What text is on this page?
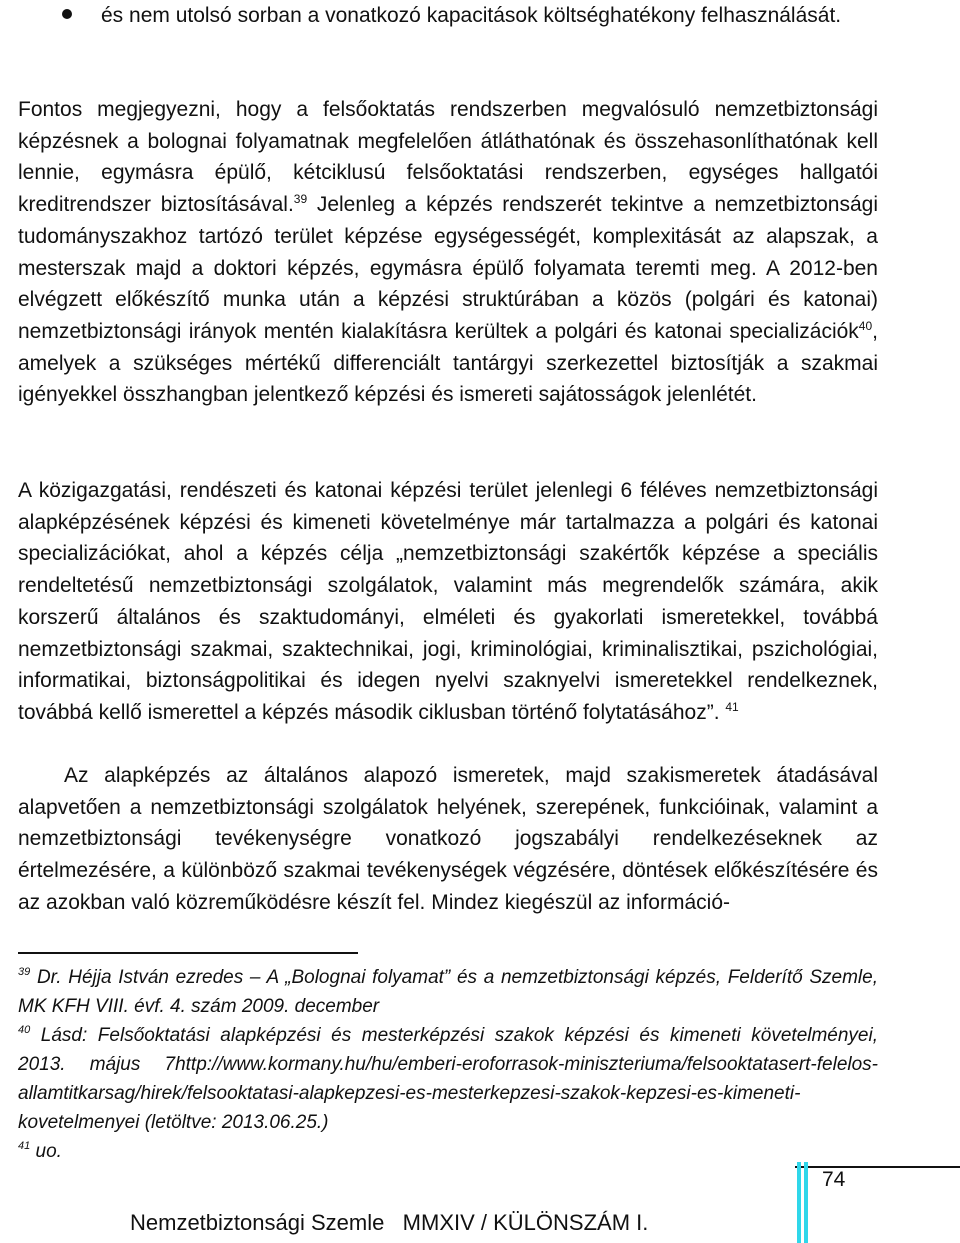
és nem utolsó sorban a vonatkozó kapacitások költséghatékony felhasználását.

Fontos megjegyezni, hogy a felsőoktatás rendszerben megvalósuló nemzetbiztonsági képzésnek a bolognai folyamatnak megfelelően átláthatónak és összehasonlíthatónak kell lennie, egymásra épülő, kétciklusú felsőoktatási rendszerben, egységes hallgatói kreditrendszer biztosításával.$^{39}$ Jelenleg a képzés rendszerét tekintve a nemzetbiztonsági tudományszakhoz tartózó terület képzése egységességét, komplexitását az alapszak, a mesterszak majd a doktori képzés, egymásra épülő folyamata teremti meg. A 2012-ben elvégzett előkészítő munka után a képzési struktúrában a közös (polgári és katonai) nemzetbiztonsági irányok mentén kialakításra kerültek a polgári és katonai specializációk$^{40}$, amelyek a szükséges mértékű differenciált tantárgyi szerkezettel biztosítják a szakmai igényekkel összhangban jelentkező képzési és ismereti sajátosságok jelenlétét.

A közigazgatási, rendészeti és katonai képzési terület jelenlegi 6 féléves nemzetbiztonsági alapképzésének képzési és kimeneti követelménye már tartalmazza a polgári és katonai specializációkat, ahol a képzés célja „nemzetbiztonsági szakértők képzése a speciális rendeltetésű nemzetbiztonsági szolgálatok, valamint más megrendelők számára, akik korszerű általános és szaktudományi, elméleti és gyakorlati ismeretekkel, továbbá nemzetbiztonsági szakmai, szaktechnikai, jogi, kriminológiai, kriminalisztikai, pszichológiai, informatikai, biztonságpolitikai és idegen nyelvi szaknyelvi ismeretekkel rendelkeznek, továbbá kellő ismerettel a képzés második ciklusban történő folytatásához”. $^{41}$

Az alapképzés az általános alapozó ismeretek, majd szakismeretek átadásával alapvetően a nemzetbiztonsági szolgálatok helyének, szerepének, funkcióinak, valamint a nemzetbiztonsági tevékenységre vonatkozó jogszabályi rendelkezéseknek az értelmezésére, a különböző szakmai tevékenységek végzésére, döntések előkészítésére és az azokban való közreműködésre készít fel. Mindez kiegészül az információ-

$^{39}$ Dr. Héjja István ezredes – A „Bolognai folyamat” és a nemzetbiztonsági képzés, Felderítő Szemle, MK KFH VIII. évf. 4. szám 2009. december

$^{40}$ Lásd: Felsőoktatási alapképzési és mesterképzési szakok képzési és kimeneti követelményei, 2013. május 7http://www.kormany.hu/hu/emberi-eroforrasok-miniszteriuma/felsooktatasert-felelos-allamtitkarsag/hirek/felsooktatasi-alapkepzesi-es-mesterkepzesi-szakok-kepzesi-es-kimeneti-kovetelmenyei (letöltve: 2013.06.25.)

$^{41}$ uo.

74
Nemzetbiztonsági Szemle   MMXIV / KÜLÖNSZÁM I.
